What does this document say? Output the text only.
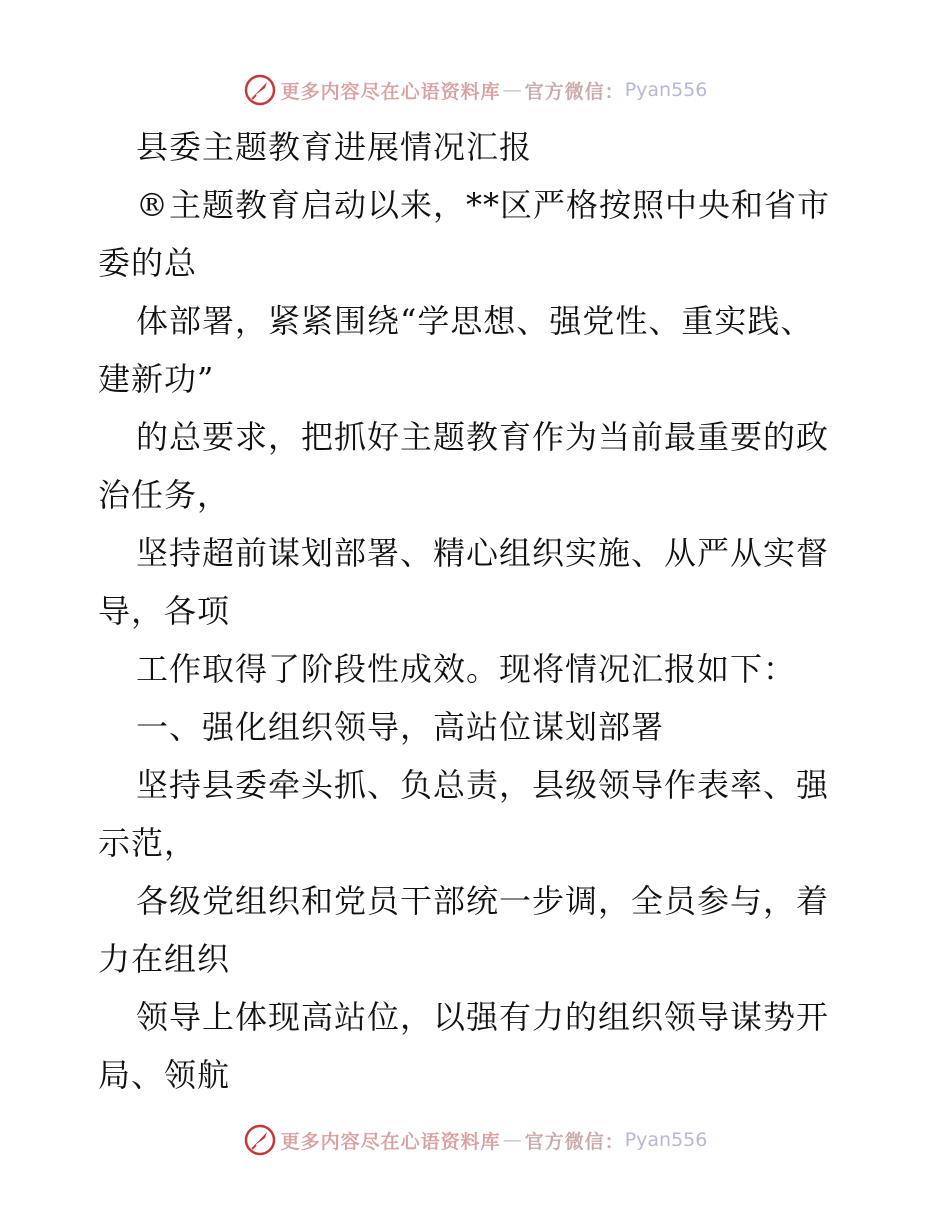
更多内容尽在心语资料库 — 官方微信： Pyan556
县委主题教育进展情况汇报
®主题教育启动以来，**区严格按照中央和省市
委的总
体部署，紧紧围绕“学思想、强党性、重实践、
建新功”
的总要求，把抓好主题教育作为当前最重要的政
治任务，
坚持超前谋划部署、精心组织实施、从严从实督
导，各项
工作取得了阶段性成效。现将情况汇报如下：
一、强化组织领导，高站位谋划部署
坚持县委牵头抓、负总责，县级领导作表率、强
示范，
各级党组织和党员干部统一步调，全员参与，着
力在组织
领导上体现高站位，以强有力的组织领导谋势开
局、领航
更多内容尽在心语资料库 — 官方微信： Pyan556
